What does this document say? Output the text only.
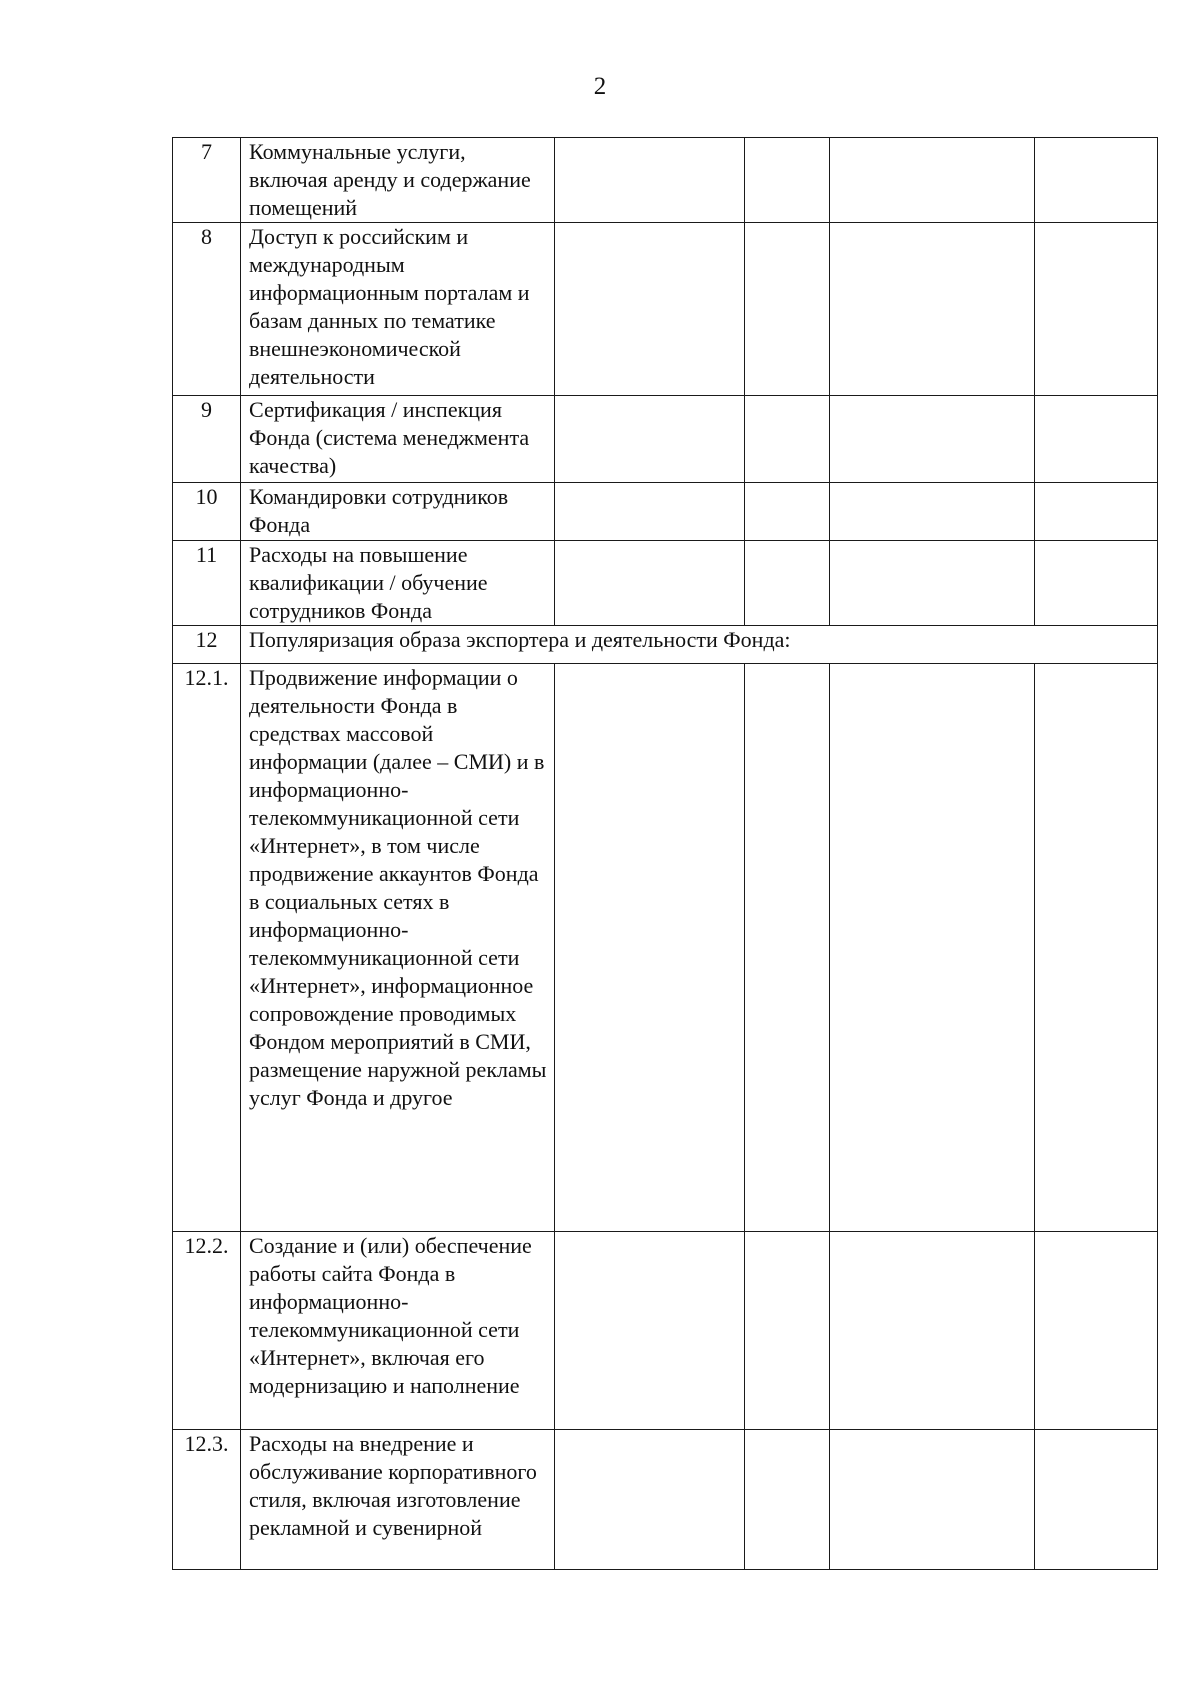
2
7	Коммунальные услуги, включая аренду и содержание помещений				
8	Доступ к российским и международным информационным порталам и базам данных по тематике внешнеэкономической деятельности				
9	Сертификация / инспекция Фонда (система менеджмента качества)				
10	Командировки сотрудников Фонда				
11	Расходы на повышение квалификации / обучение сотрудников Фонда				
12	Популяризация образа экспортера и деятельности Фонда:				
12.1.	Продвижение информации о деятельности Фонда в средствах массовой информации (далее – СМИ) и в информационно-телекоммуникационной сети «Интернет», в том числе продвижение аккаунтов Фонда в социальных сетях в информационно-телекоммуникационной сети «Интернет», информационное сопровождение проводимых Фондом мероприятий в СМИ, размещение наружной рекламы услуг Фонда и другое				
12.2.	Создание и (или) обеспечение работы сайта Фонда в информационно-телекоммуникационной сети «Интернет», включая его модернизацию и наполнение				
12.3.	Расходы на внедрение и обслуживание корпоративного стиля, включая изготовление рекламной и сувенирной				
